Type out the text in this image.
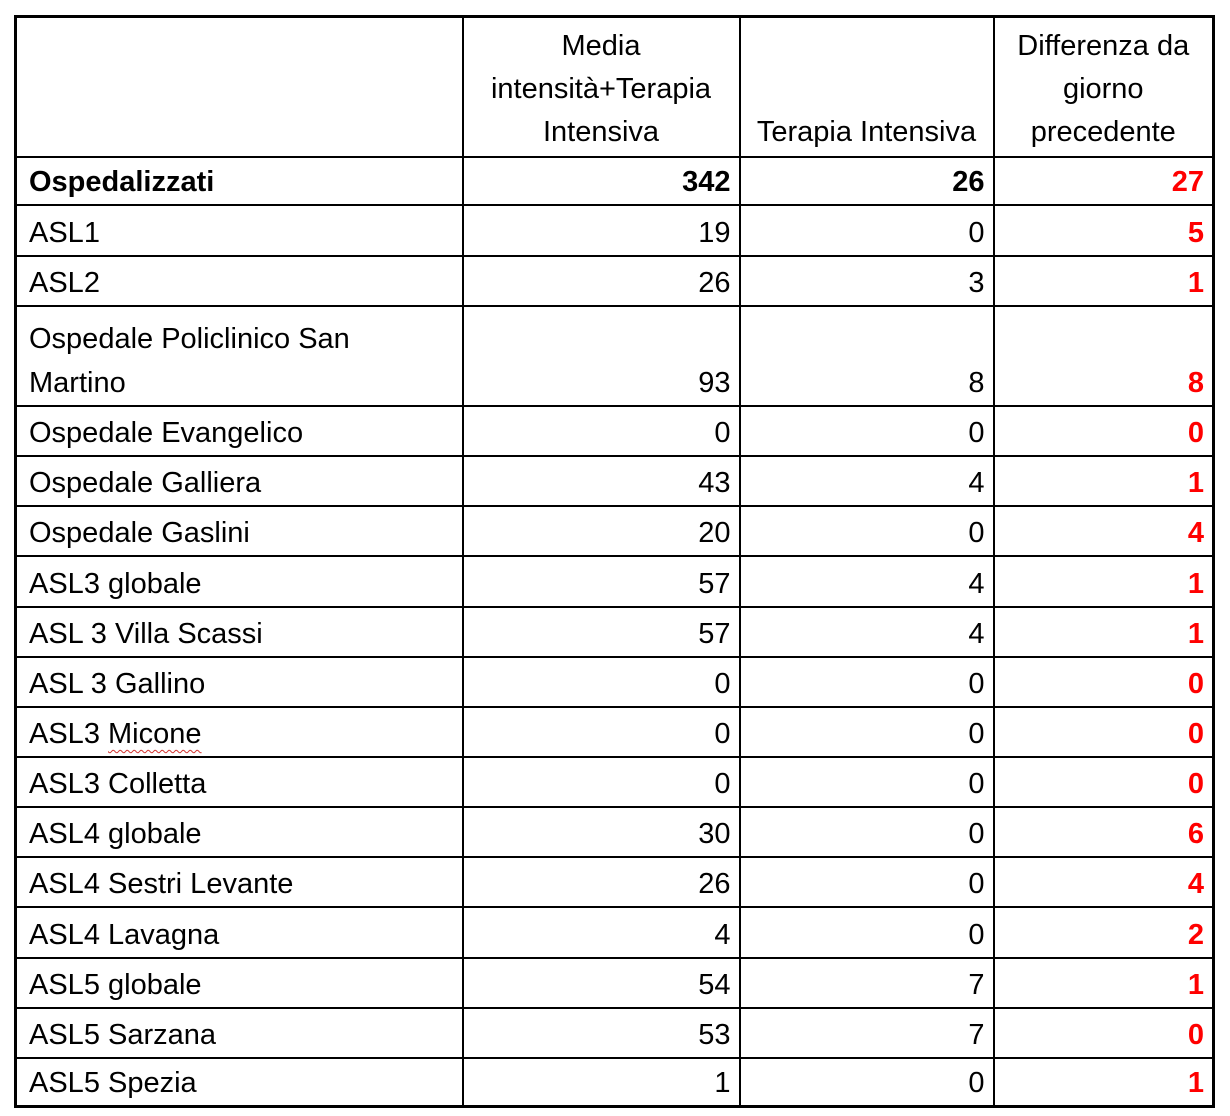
	Media intensità+Terapia Intensiva	Terapia Intensiva	Differenza da giorno precedente
Ospedalizzati	342	26	27
ASL1	19	0	5
ASL2	26	3	1
Ospedale Policlinico San Martino	93	8	8
Ospedale Evangelico	0	0	0
Ospedale Galliera	43	4	1
Ospedale Gaslini	20	0	4
ASL3 globale	57	4	1
ASL 3 Villa Scassi	57	4	1
ASL 3 Gallino	0	0	0
ASL3 Micone	0	0	0
ASL3 Colletta	0	0	0
ASL4 globale	30	0	6
ASL4 Sestri Levante	26	0	4
ASL4 Lavagna	4	0	2
ASL5 globale	54	7	1
ASL5 Sarzana	53	7	0
ASL5 Spezia	1	0	1
